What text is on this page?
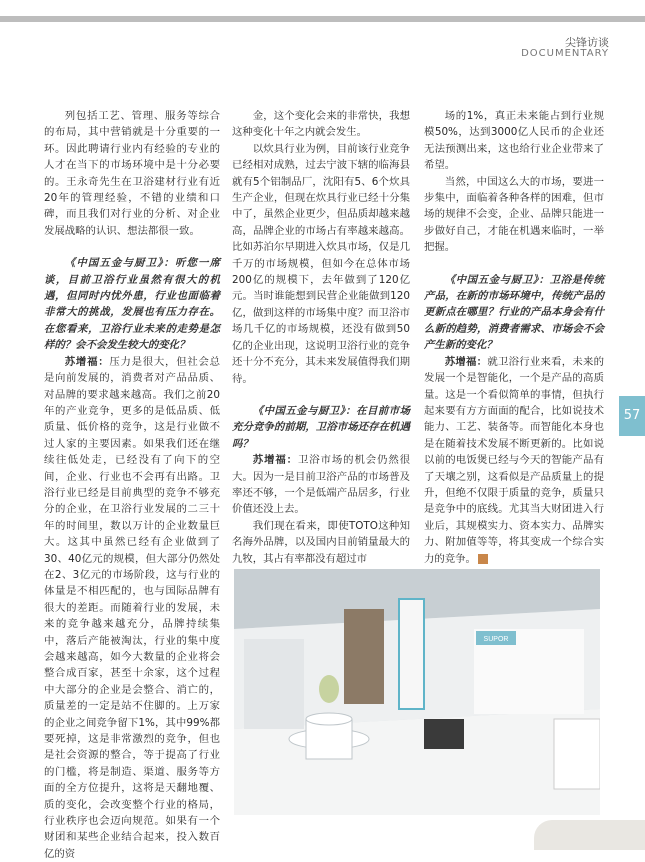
尖锋访谈
DOCUMENTARY

列包括工艺、管理、服务等综合的布局，其中营销就是十分重要的一环。因此聘请行业内有经验的专业的人才在当下的市场环境中是十分必要的。王永奇先生在卫浴建材行业有近20年的管理经验，不错的业绩和口碑，而且我们对行业的分析、对企业发展战略的认识、想法都很一致。

《中国五金与厨卫》：听您一席谈，目前卫浴行业虽然有很大的机遇，但同时内忧外患，行业也面临着非常大的挑战，发展也有压力存在。在您看来，卫浴行业未来的走势是怎样的？会不会发生较大的变化？

苏增福：压力是很大，但社会总是向前发展的，消费者对产品品质、对品牌的要求越来越高。我们之前20年的产业竞争，更多的是低品质、低质量、低价格的竞争，这是行业做不过人家的主要因素。如果我们还在继续往低处走，已经没有了向下的空间，企业、行业也不会再有出路。卫浴行业已经是目前典型的竞争不够充分的企业，在卫浴行业发展的二三十年的时间里，数以万计的企业数量巨大。这其中虽然已经有企业做到了30、40亿元的规模，但大部分仍然处在2、3亿元的市场阶段，这与行业的体量是不相匹配的，也与国际品牌有很大的差距。而随着行业的发展，未来的竞争越来越充分，品牌持续集中，落后产能被淘汰，行业的集中度会越来越高，如今大数量的企业将会整合成百家，甚至十余家，这个过程中大部分的企业是会整合、消亡的，质量差的一定是站不住脚的。上万家的企业之间竞争留下1%，其中99%都要死掉，这是非常激烈的竞争，但也是社会资源的整合，等于提高了行业的门槛，将是制造、渠道、服务等方面的全方位提升，这将是天翻地覆、质的变化，会改变整个行业的格局，行业秩序也会迈向规范。如果有一个财团和某些企业结合起来，投入数百亿的资

金，这个变化会来的非常快，我想这种变化十年之内就会发生。

以炊具行业为例，目前该行业竞争已经相对成熟，过去宁波下辖的临海县就有5个铝制品厂，沈阳有5、6个炊具生产企业，但现在炊具行业已经十分集中了，虽然企业更少，但品质却越来越高，品牌企业的市场占有率越来越高。比如苏泊尔早期进入炊具市场，仅是几千万的市场规模，但如今在总体市场200亿的规模下，去年做到了120亿元。当时谁能想到民营企业能做到120亿，做到这样的市场集中度？而卫浴市场几千亿的市场规模，还没有做到50亿的企业出现，这说明卫浴行业的竞争还十分不充分，其未来发展值得我们期待。

《中国五金与厨卫》：在目前市场充分竞争的前期，卫浴市场还存在机遇吗？

苏增福：卫浴市场的机会仍然很大。因为一是目前卫浴产品的市场普及率还不够，一个是低端产品居多，行业价值还没上去。

我们现在看来，即使TOTO这种知名海外品牌，以及国内目前销量最大的九牧，其占有率都没有超过市

场的1%，真正未来能占到行业规模50%，达到3000亿人民币的企业还无法预测出来，这也给行业企业带来了希望。

当然，中国这么大的市场，要进一步集中，面临着各种各样的困难，但市场的规律不会变，企业、品牌只能进一步做好自己，才能在机遇来临时，一举把握。

《中国五金与厨卫》：卫浴是传统产品，在新的市场环境中，传统产品的更新点在哪里？行业的产品本身会有什么新的趋势，消费者需求、市场会不会产生新的变化？

苏增福：就卫浴行业来看，未来的发展一个是智能化，一个是产品的高质量。这是一个看似简单的事情，但执行起来要有方方面面的配合，比如说技术能力、工艺、装备等。而智能化本身也是在随着技术发展不断更新的。比如说以前的电饭煲已经与今天的智能产品有了天壤之别，这看似是产品质量上的提升，但绝不仅限于质量的竞争，质量只是竞争中的底线。尤其当大财团进入行业后，其规模实力、资本实力、品牌实力、附加值等等，将其变成一个综合实力的竞争。

57
SUPOR
